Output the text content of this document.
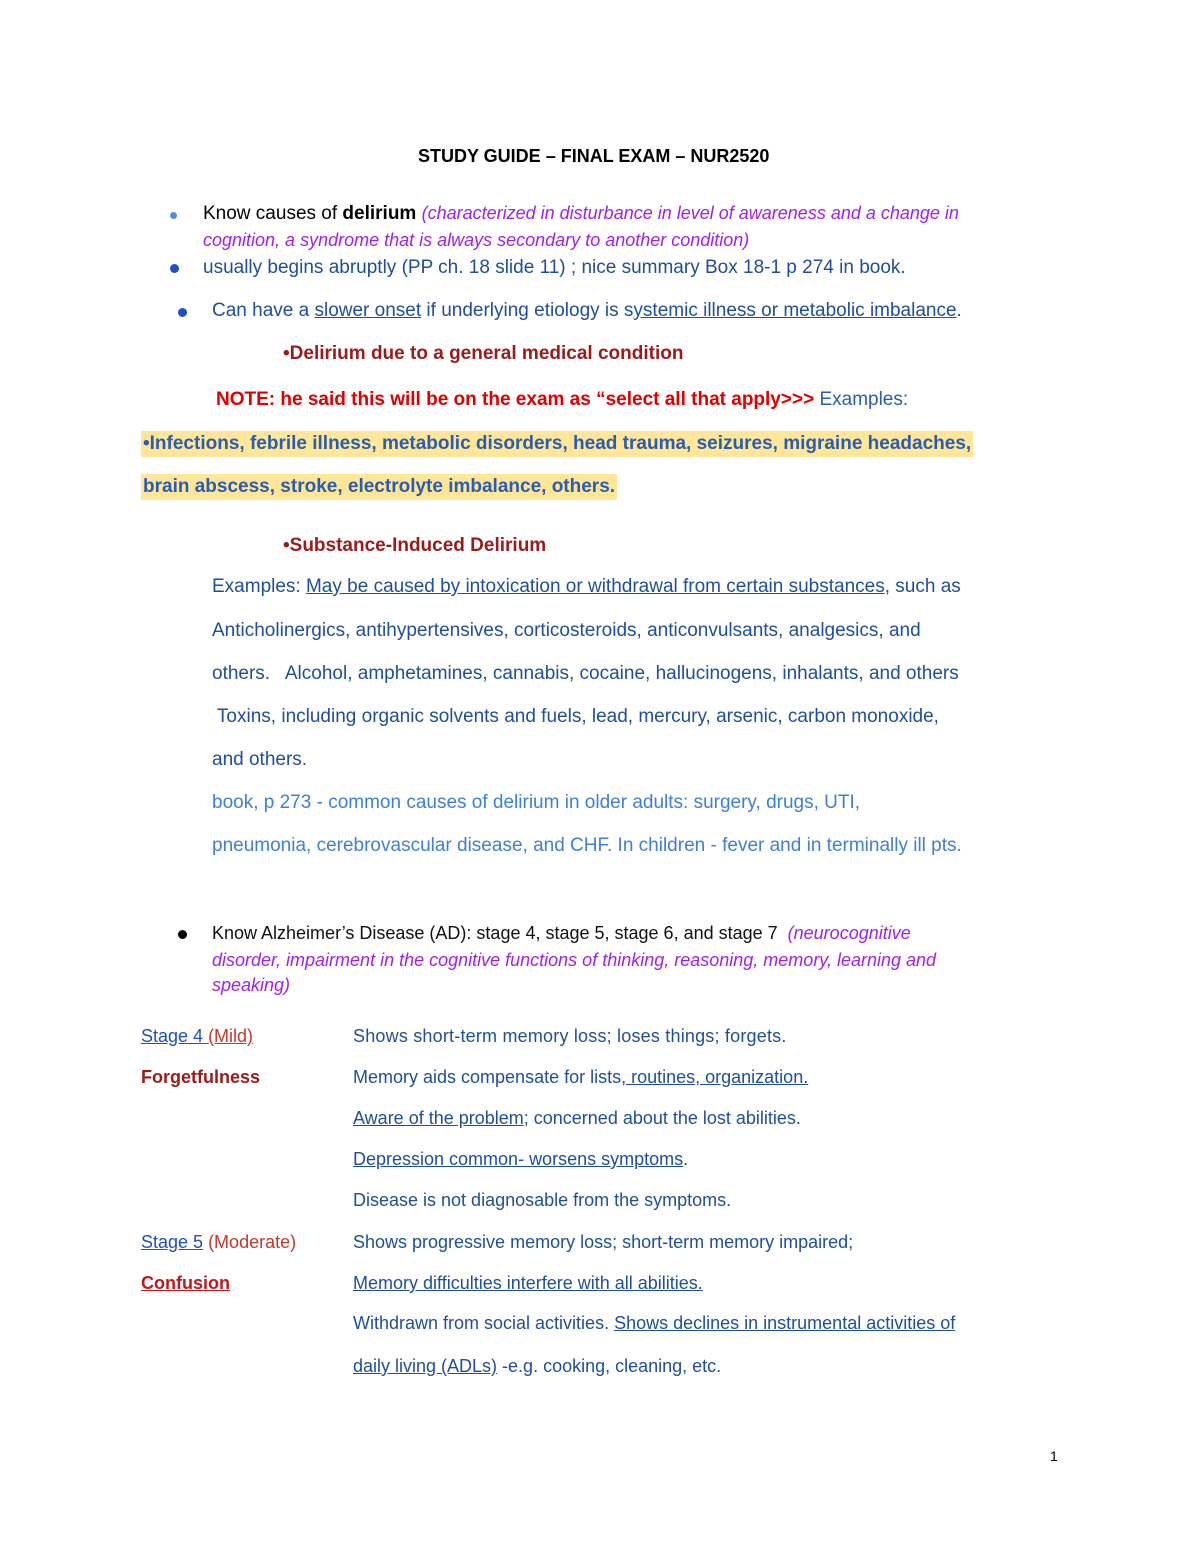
STUDY GUIDE – FINAL EXAM – NUR2520
Know causes of delirium (characterized in disturbance in level of awareness and a change in
cognition, a syndrome that is always secondary to another condition)
usually begins abruptly (PP ch. 18 slide 11) ; nice summary Box 18-1 p 274 in book.
Can have a slower onset if underlying etiology is systemic illness or metabolic imbalance.
•Delirium due to a general medical condition
NOTE: he said this will be on the exam as “select all that apply>>> Examples:
•Infections, febrile illness, metabolic disorders, head trauma, seizures, migraine headaches,
brain abscess, stroke, electrolyte imbalance, others.
•Substance-Induced Delirium
Examples: May be caused by intoxication or withdrawal from certain substances, such as
Anticholinergics, antihypertensives, corticosteroids, anticonvulsants, analgesics, and
others.   Alcohol, amphetamines, cannabis, cocaine, hallucinogens, inhalants, and others
Toxins, including organic solvents and fuels, lead, mercury, arsenic, carbon monoxide,
and others.
book, p 273 - common causes of delirium in older adults: surgery, drugs, UTI,
pneumonia, cerebrovascular disease, and CHF. In children - fever and in terminally ill pts.
Know Alzheimer’s Disease (AD): stage 4, stage 5, stage 6, and stage 7  (neurocognitive
disorder, impairment in the cognitive functions of thinking, reasoning, memory, learning and
speaking)
Stage 4 (Mild)
Forgetfulness
Shows short-term memory loss; loses things; forgets.
Memory aids compensate for lists, routines, organization.
Aware of the problem; concerned about the lost abilities.
Depression common- worsens symptoms.
Disease is not diagnosable from the symptoms.
Stage 5 (Moderate)
Confusion
Shows progressive memory loss; short-term memory impaired;
Memory difficulties interfere with all abilities.
Withdrawn from social activities. Shows declines in instrumental activities of
daily living (ADLs) -e.g. cooking, cleaning, etc.
1
